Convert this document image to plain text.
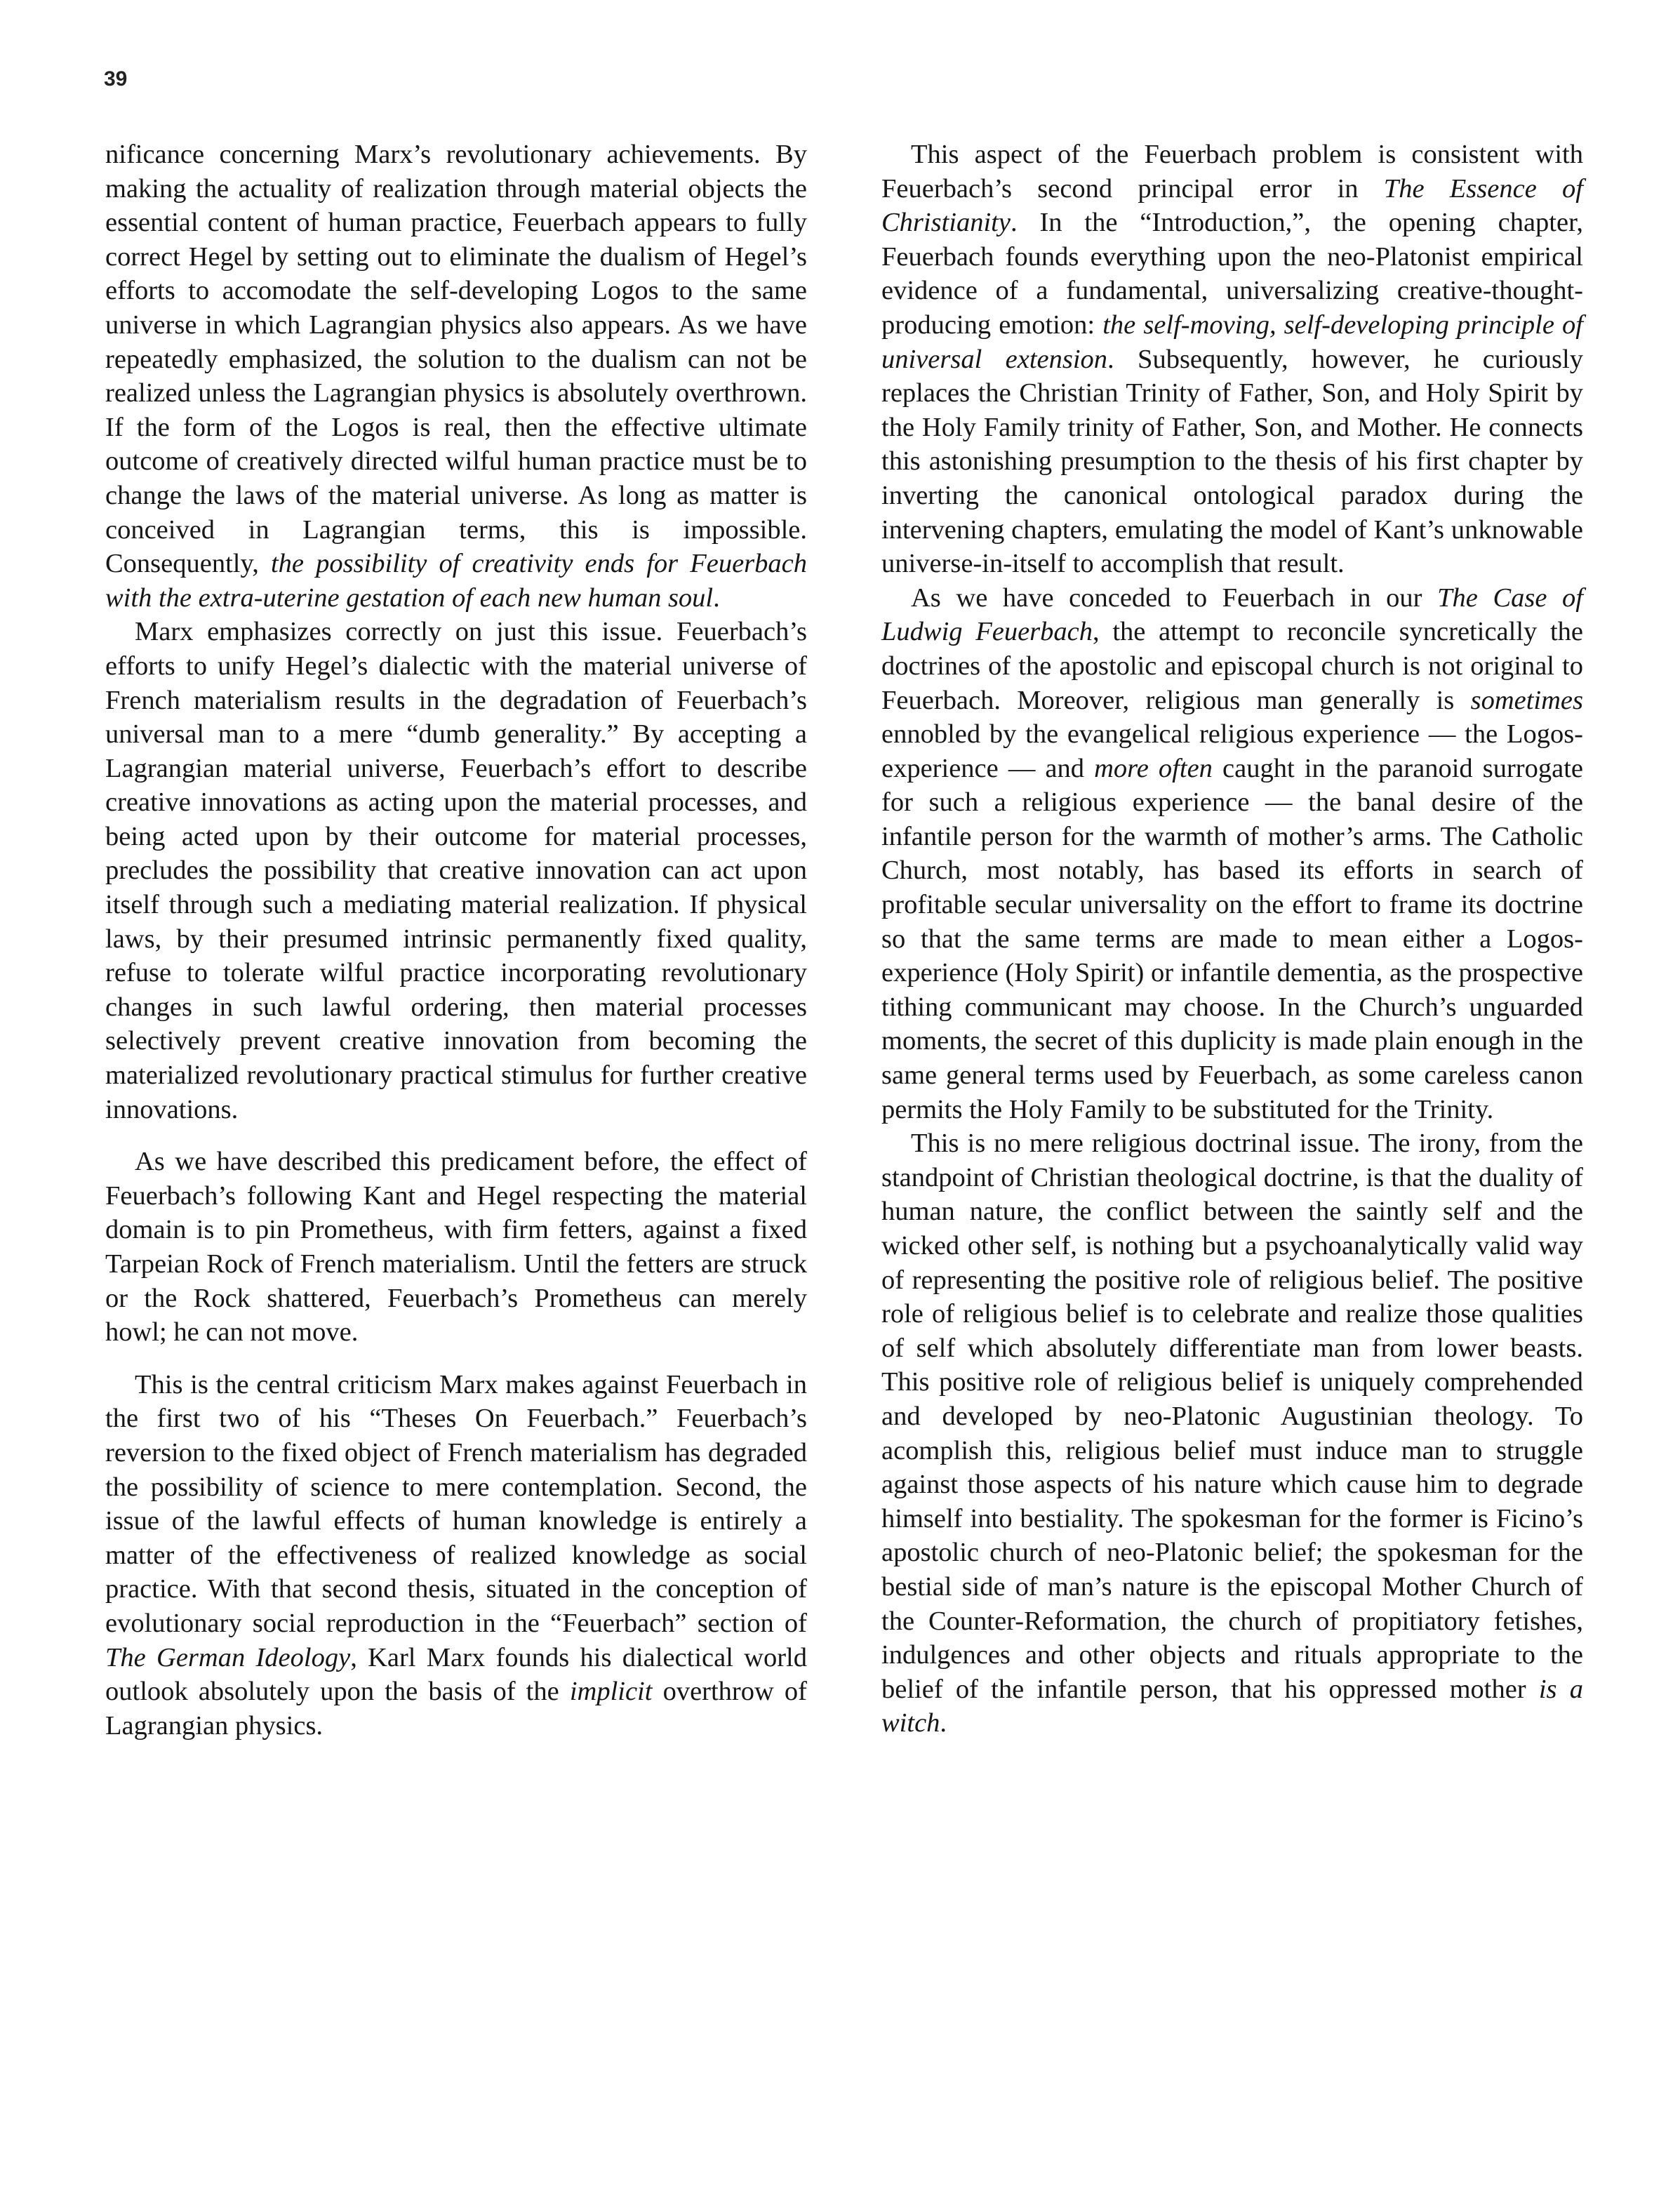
39

nificance concerning Marx’s revolutionary achievements. By making the actuality of realization through material objects the essential content of human practice, Feuerbach appears to fully correct Hegel by setting out to eliminate the dualism of Hegel’s efforts to accomodate the self-developing Logos to the same universe in which Lagrangian physics also appears. As we have repeatedly emphasized, the solution to the dualism can not be realized unless the Lagrangian physics is absolutely overthrown. If the form of the Logos is real, then the effective ultimate outcome of creatively directed wilful human practice must be to change the laws of the material universe. As long as matter is conceived in Lagrangian terms, this is impossible. Consequently, the possibility of creativity ends for Feuerbach with the extra-uterine gestation of each new human soul.

Marx emphasizes correctly on just this issue. Feuerbach’s efforts to unify Hegel’s dialectic with the material universe of French materialism results in the degradation of Feuerbach’s universal man to a mere “dumb generality.” By accepting a Lagrangian material universe, Feuerbach’s effort to describe creative innovations as acting upon the material processes, and being acted upon by their outcome for material processes, precludes the possibility that creative innovation can act upon itself through such a mediating material realization. If physical laws, by their presumed intrinsic permanently fixed quality, refuse to tolerate wilful practice incorporating revolutionary changes in such lawful ordering, then material processes selectively prevent creative innovation from becoming the materialized revolutionary practical stimulus for further creative innovations.

As we have described this predicament before, the effect of Feuerbach’s following Kant and Hegel respecting the material domain is to pin Prometheus, with firm fetters, against a fixed Tarpeian Rock of French materialism. Until the fetters are struck or the Rock shattered, Feuerbach’s Prometheus can merely howl; he can not move.

This is the central criticism Marx makes against Feuerbach in the first two of his “Theses On Feuerbach.” Feuerbach’s reversion to the fixed object of French materialism has degraded the possibility of science to mere contemplation. Second, the issue of the lawful effects of human knowledge is entirely a matter of the effectiveness of realized knowledge as social practice. With that second thesis, situated in the conception of evolutionary social reproduction in the “Feuerbach” section of The German Ideology, Karl Marx founds his dialectical world outlook absolutely upon the basis of the implicit overthrow of Lagrangian physics.

This aspect of the Feuerbach problem is consistent with Feuerbach’s second principal error in The Essence of Christianity. In the “Introduction,”, the opening chapter, Feuerbach founds everything upon the neo-Platonist empirical evidence of a fundamental, universalizing creative-thought-producing emotion: the self-moving, self-developing principle of universal extension. Subsequently, however, he curiously replaces the Christian Trinity of Father, Son, and Holy Spirit by the Holy Family trinity of Father, Son, and Mother. He connects this astonishing presumption to the thesis of his first chapter by inverting the canonical ontological paradox during the intervening chapters, emulating the model of Kant’s unknowable universe-in-itself to accomplish that result.

As we have conceded to Feuerbach in our The Case of Ludwig Feuerbach, the attempt to reconcile syncretically the doctrines of the apostolic and episcopal church is not original to Feuerbach. Moreover, religious man generally is sometimes ennobled by the evangelical religious experience — the Logos-experience — and more often caught in the paranoid surrogate for such a religious experience — the banal desire of the infantile person for the warmth of mother’s arms. The Catholic Church, most notably, has based its efforts in search of profitable secular universality on the effort to frame its doctrine so that the same terms are made to mean either a Logos-experience (Holy Spirit) or infantile dementia, as the prospective tithing communicant may choose. In the Church’s unguarded moments, the secret of this duplicity is made plain enough in the same general terms used by Feuerbach, as some careless canon permits the Holy Family to be substituted for the Trinity.

This is no mere religious doctrinal issue. The irony, from the standpoint of Christian theological doctrine, is that the duality of human nature, the conflict between the saintly self and the wicked other self, is nothing but a psychoanalytically valid way of representing the positive role of religious belief. The positive role of religious belief is to celebrate and realize those qualities of self which absolutely differentiate man from lower beasts. This positive role of religious belief is uniquely comprehended and developed by neo-Platonic Augustinian theology. To acomplish this, religious belief must induce man to struggle against those aspects of his nature which cause him to degrade himself into bestiality. The spokesman for the former is Ficino’s apostolic church of neo-Platonic belief; the spokesman for the bestial side of man’s nature is the episcopal Mother Church of the Counter-Reformation, the church of propitiatory fetishes, indulgences and other objects and rituals appropriate to the belief of the infantile person, that his oppressed mother is a witch.
